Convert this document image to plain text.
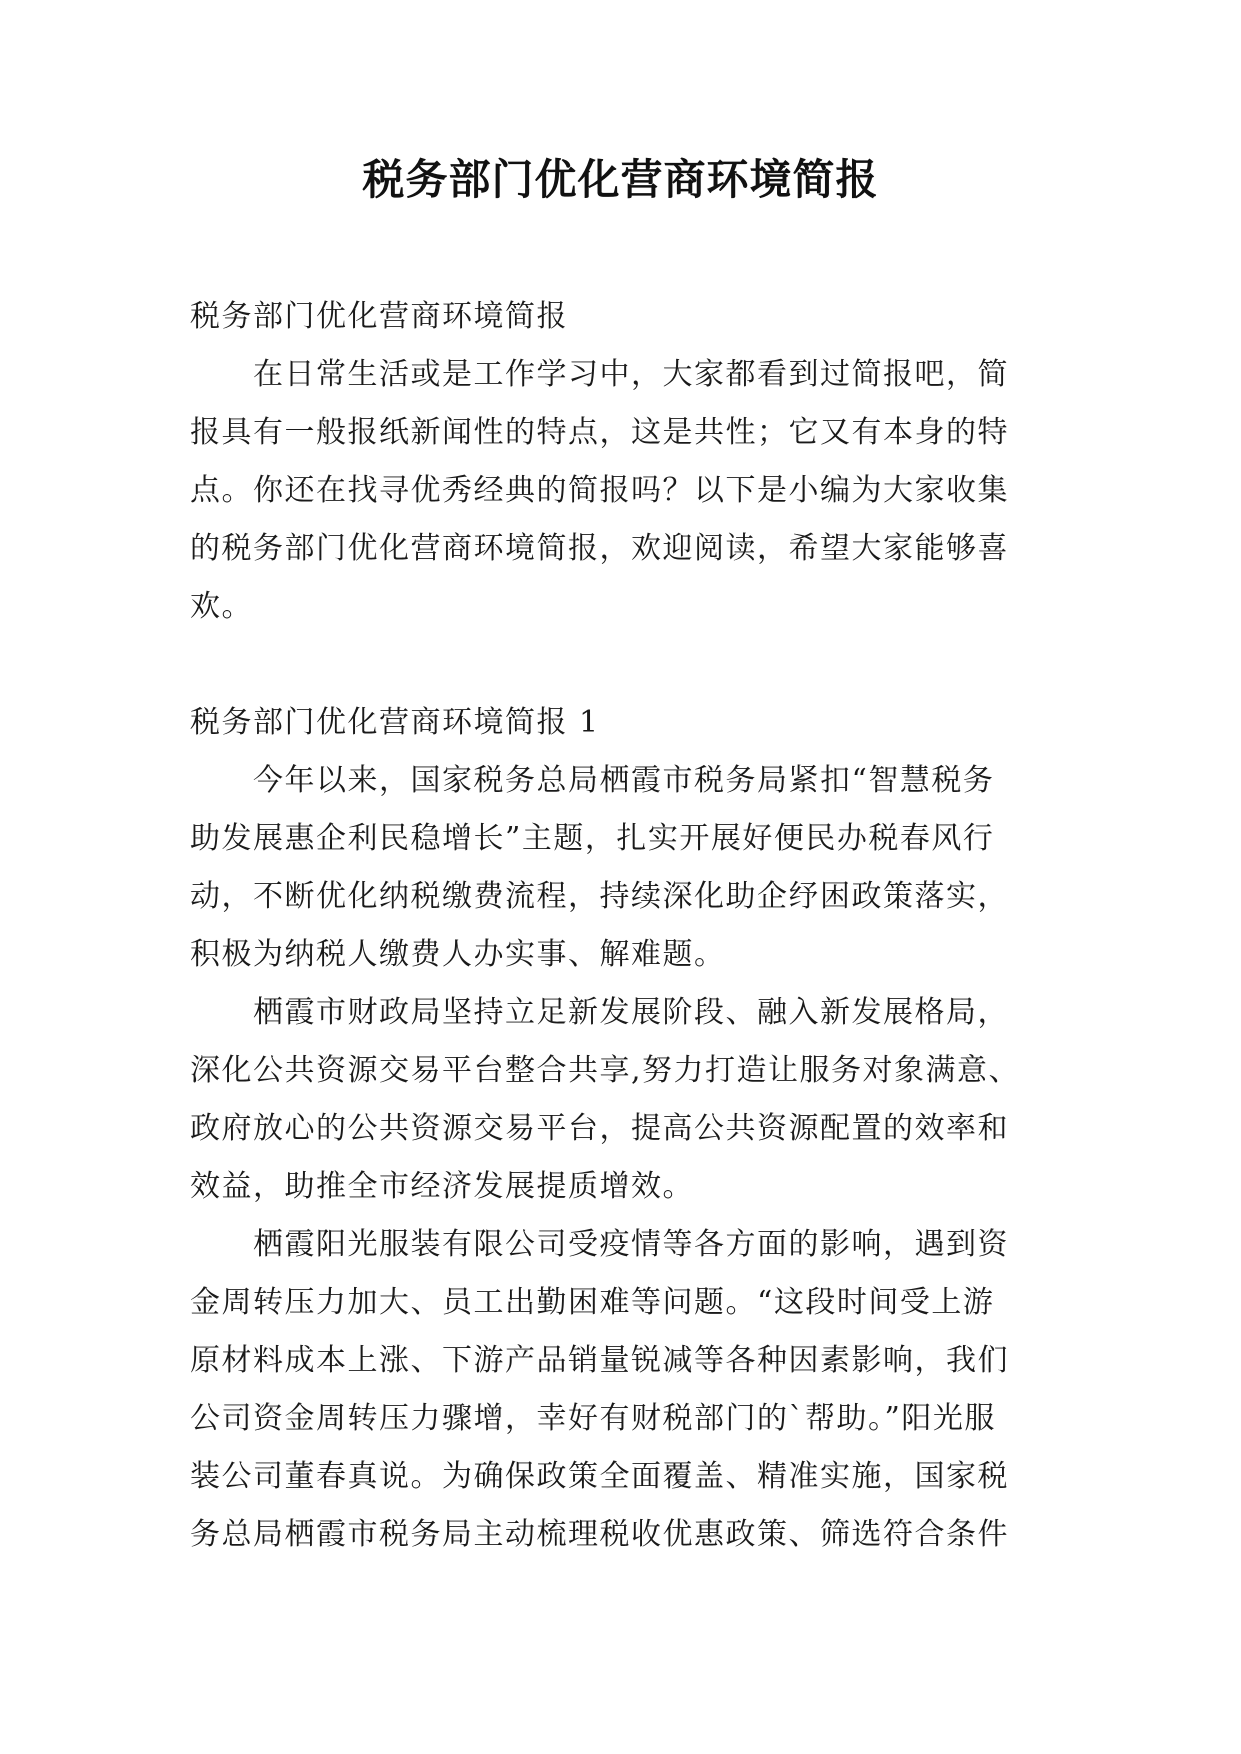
税务部门优化营商环境简报
税务部门优化营商环境简报
　　在日常生活或是工作学习中，大家都看到过简报吧，简
报具有一般报纸新闻性的特点，这是共性；它又有本身的特
点。你还在找寻优秀经典的简报吗？以下是小编为大家收集
的税务部门优化营商环境简报，欢迎阅读，希望大家能够喜
欢。
税务部门优化营商环境简报 1
　　今年以来，国家税务总局栖霞市税务局紧扣“智慧税务
助发展惠企利民稳增长”主题，扎实开展好便民办税春风行
动，不断优化纳税缴费流程，持续深化助企纾困政策落实，
积极为纳税人缴费人办实事、解难题。
　　栖霞市财政局坚持立足新发展阶段、融入新发展格局，
深化公共资源交易平台整合共享,努力打造让服务对象满意、
政府放心的公共资源交易平台，提高公共资源配置的效率和
效益，助推全市经济发展提质增效。
　　栖霞阳光服装有限公司受疫情等各方面的影响，遇到资
金周转压力加大、员工出勤困难等问题。“这段时间受上游
原材料成本上涨、下游产品销量锐减等各种因素影响，我们
公司资金周转压力骤增，幸好有财税部门的`帮助。”阳光服
装公司董春真说。为确保政策全面覆盖、精准实施，国家税
务总局栖霞市税务局主动梳理税收优惠政策、筛选符合条件
